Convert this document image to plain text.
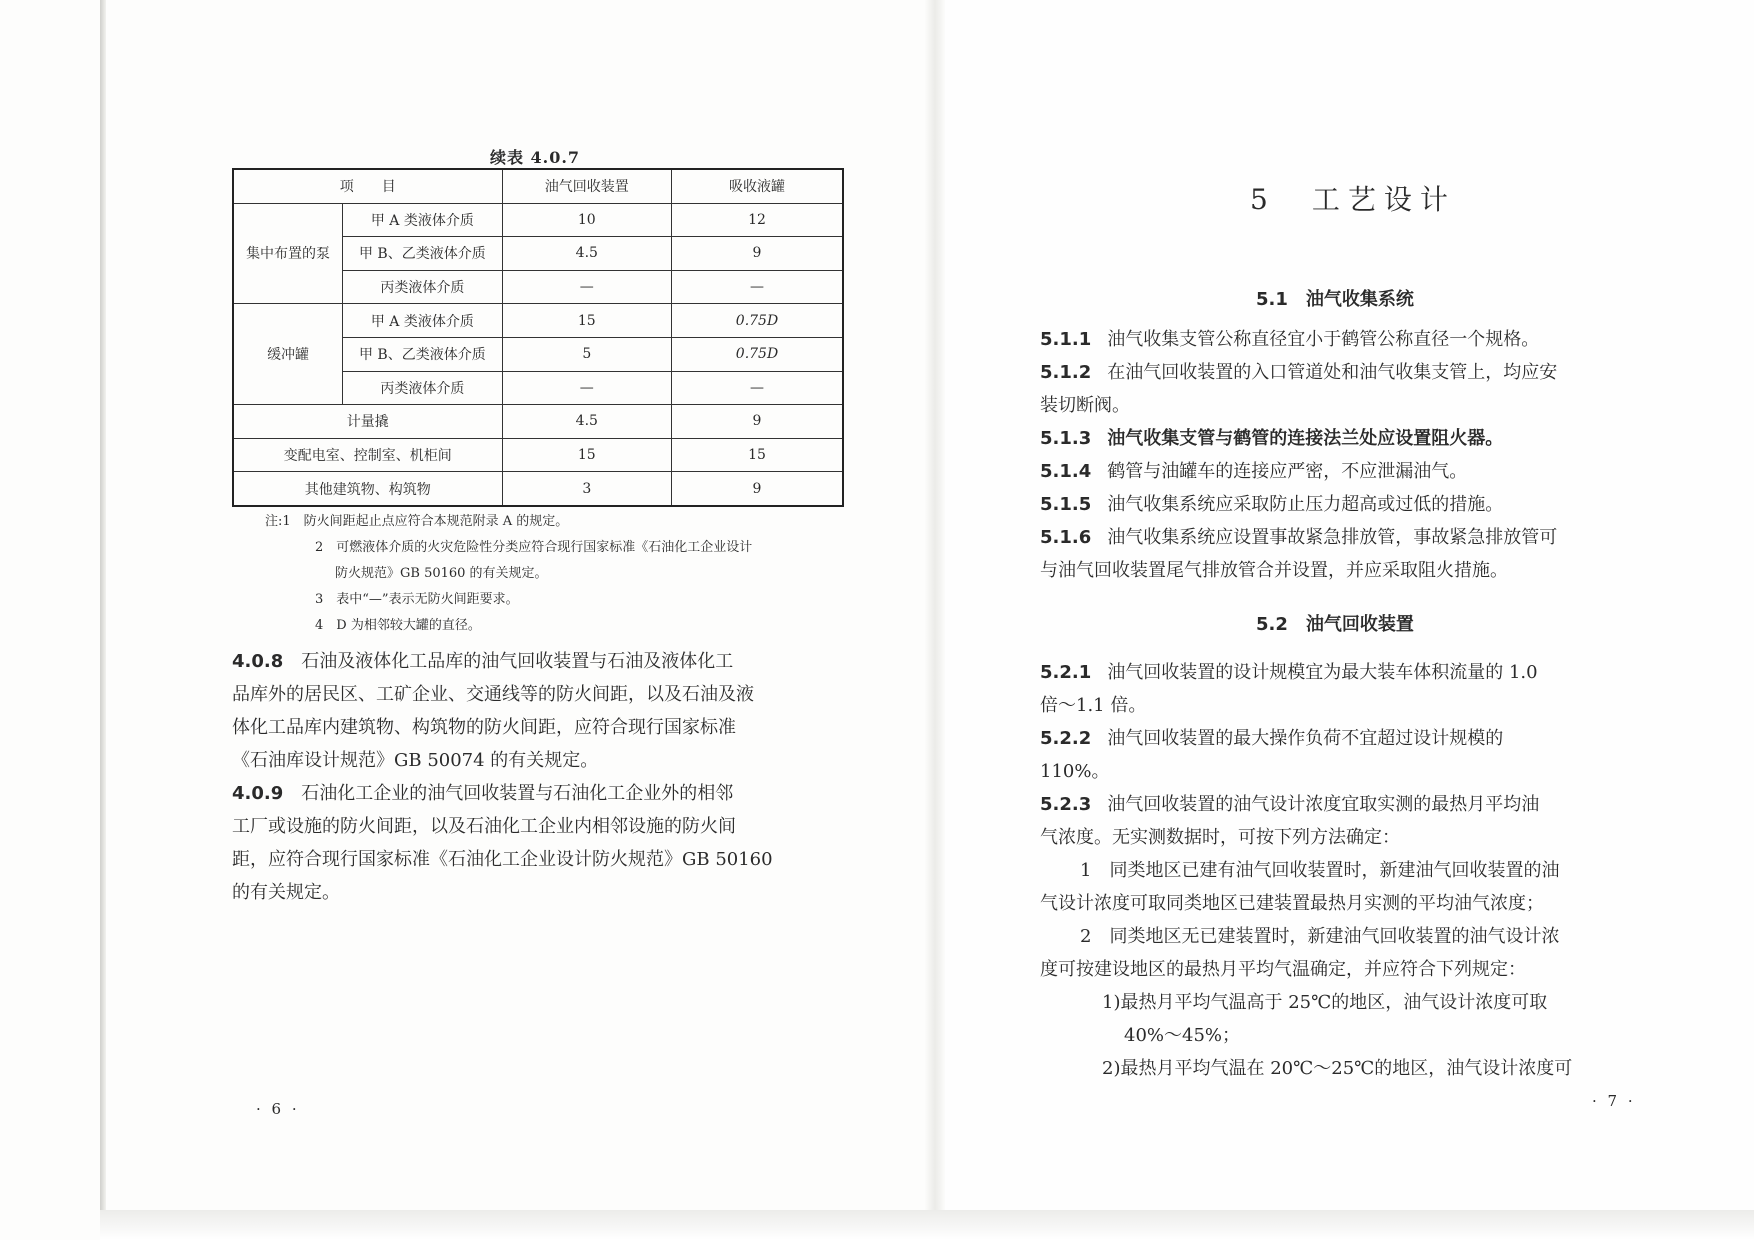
续表 4.0.7
项　　目		油气回收装置	吸收液罐
集中布置的泵	甲 A 类液体介质	10	12
	甲 B、乙类液体介质	4.5	9
	丙类液体介质	—	—
缓冲罐	甲 A 类液体介质	15	0.75D
	甲 B、乙类液体介质	5	0.75D
	丙类液体介质	—	—
计量撬		4.5	9
变配电室、控制室、机柜间		15	15
其他建筑物、构筑物		3	9
注:1　防火间距起止点应符合本规范附录 A 的规定。
2　可燃液体介质的火灾危险性分类应符合现行国家标准《石油化工企业设计
防火规范》GB 50160 的有关规定。
3　表中“—”表示无防火间距要求。
4　D 为相邻较大罐的直径。
4.0.8　 石油及液体化工品库的油气回收装置与石油及液体化工
品库外的居民区、工矿企业、交通线等的防火间距，以及石油及液
体化工品库内建筑物、构筑物的防火间距，应符合现行国家标准
《石油库设计规范》GB 50074 的有关规定。
4.0.9　 石油化工企业的油气回收装置与石油化工企业外的相邻
工厂或设施的防火间距，以及石油化工企业内相邻设施的防火间
距，应符合现行国家标准《石油化工企业设计防火规范》GB 50160
的有关规定。
· 6 ·
5　工艺设计
5.1　油气收集系统
5.1.1 油气收集支管公称直径宜小于鹤管公称直径一个规格。
5.1.2 在油气回收装置的入口管道处和油气收集支管上，均应安
装切断阀。
5.1.3 油气收集支管与鹤管的连接法兰处应设置阻火器。
5.1.4 鹤管与油罐车的连接应严密，不应泄漏油气。
5.1.5 油气收集系统应采取防止压力超高或过低的措施。
5.1.6 油气收集系统应设置事故紧急排放管，事故紧急排放管可
与油气回收装置尾气排放管合并设置，并应采取阻火措施。
5.2　油气回收装置
5.2.1 油气回收装置的设计规模宜为最大装车体积流量的 1.0
倍～1.1 倍。
5.2.2 油气回收装置的最大操作负荷不宜超过设计规模的
110%。
5.2.3 油气回收装置的油气设计浓度宜取实测的最热月平均油
气浓度。无实测数据时，可按下列方法确定：
1　同类地区已建有油气回收装置时，新建油气回收装置的油
气设计浓度可取同类地区已建装置最热月实测的平均油气浓度；
2　同类地区无已建装置时，新建油气回收装置的油气设计浓
度可按建设地区的最热月平均气温确定，并应符合下列规定：
1)最热月平均气温高于 25℃的地区，油气设计浓度可取
40%～45%；
2)最热月平均气温在 20℃～25℃的地区，油气设计浓度可
· 7 ·
